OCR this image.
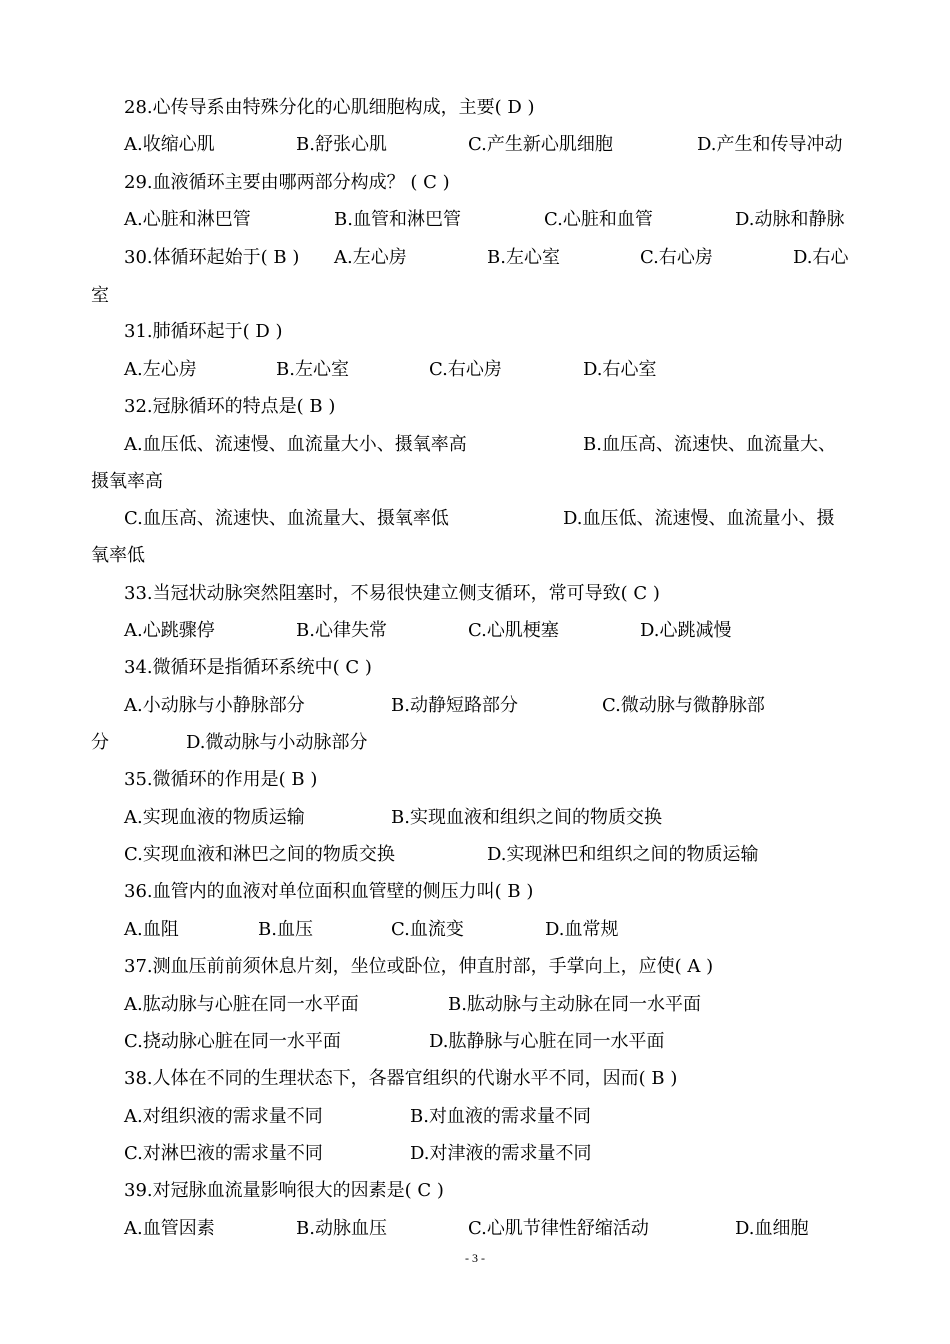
28.心传导系由特殊分化的心肌细胞构成，主要( D )
A.收缩心肌	B.舒张心肌	C.产生新心肌细胞	D.产生和传导冲动
29.血液循环主要由哪两部分构成？ ( C )
A.心脏和淋巴管	B.血管和淋巴管	C.心脏和血管	D.动脉和静脉
30.体循环起始于( B ) A.左心房	B.左心室	C.右心房	D.右心
室
31.肺循环起于( D )
A.左心房	B.左心室	C.右心房	D.右心室
32.冠脉循环的特点是( B )
A.血压低、流速慢、血流量大小、摄氧率高	B.血压高、流速快、血流量大、
摄氧率高
C.血压高、流速快、血流量大、摄氧率低	D.血压低、流速慢、血流量小、摄
氧率低
33.当冠状动脉突然阻塞时，不易很快建立侧支循环，常可导致( C )
A.心跳骤停	B.心律失常	C.心肌梗塞	D.心跳减慢
34.微循环是指循环系统中( C )
A.小动脉与小静脉部分	B.动静短路部分	C.微动脉与微静脉部
分	D.微动脉与小动脉部分
35.微循环的作用是( B )
A.实现血液的物质运输	B.实现血液和组织之间的物质交换
C.实现血液和淋巴之间的物质交换	D.实现淋巴和组织之间的物质运输
36.血管内的血液对单位面积血管壁的侧压力叫( B )
A.血阻	B.血压	C.血流变	D.血常规
37.测血压前前须休息片刻，坐位或卧位，伸直肘部，手掌向上，应使( A )
A.肱动脉与心脏在同一水平面	B.肱动脉与主动脉在同一水平面
C.挠动脉心脏在同一水平面	D.肱静脉与心脏在同一水平面
38.人体在不同的生理状态下，各器官组织的代谢水平不同，因而( B )
A.对组织液的需求量不同	B.对血液的需求量不同
C.对淋巴液的需求量不同	D.对津液的需求量不同
39.对冠脉血流量影响很大的因素是( C )
A.血管因素	B.动脉血压	C.心肌节律性舒缩活动	D.血细胞
- 3 -
